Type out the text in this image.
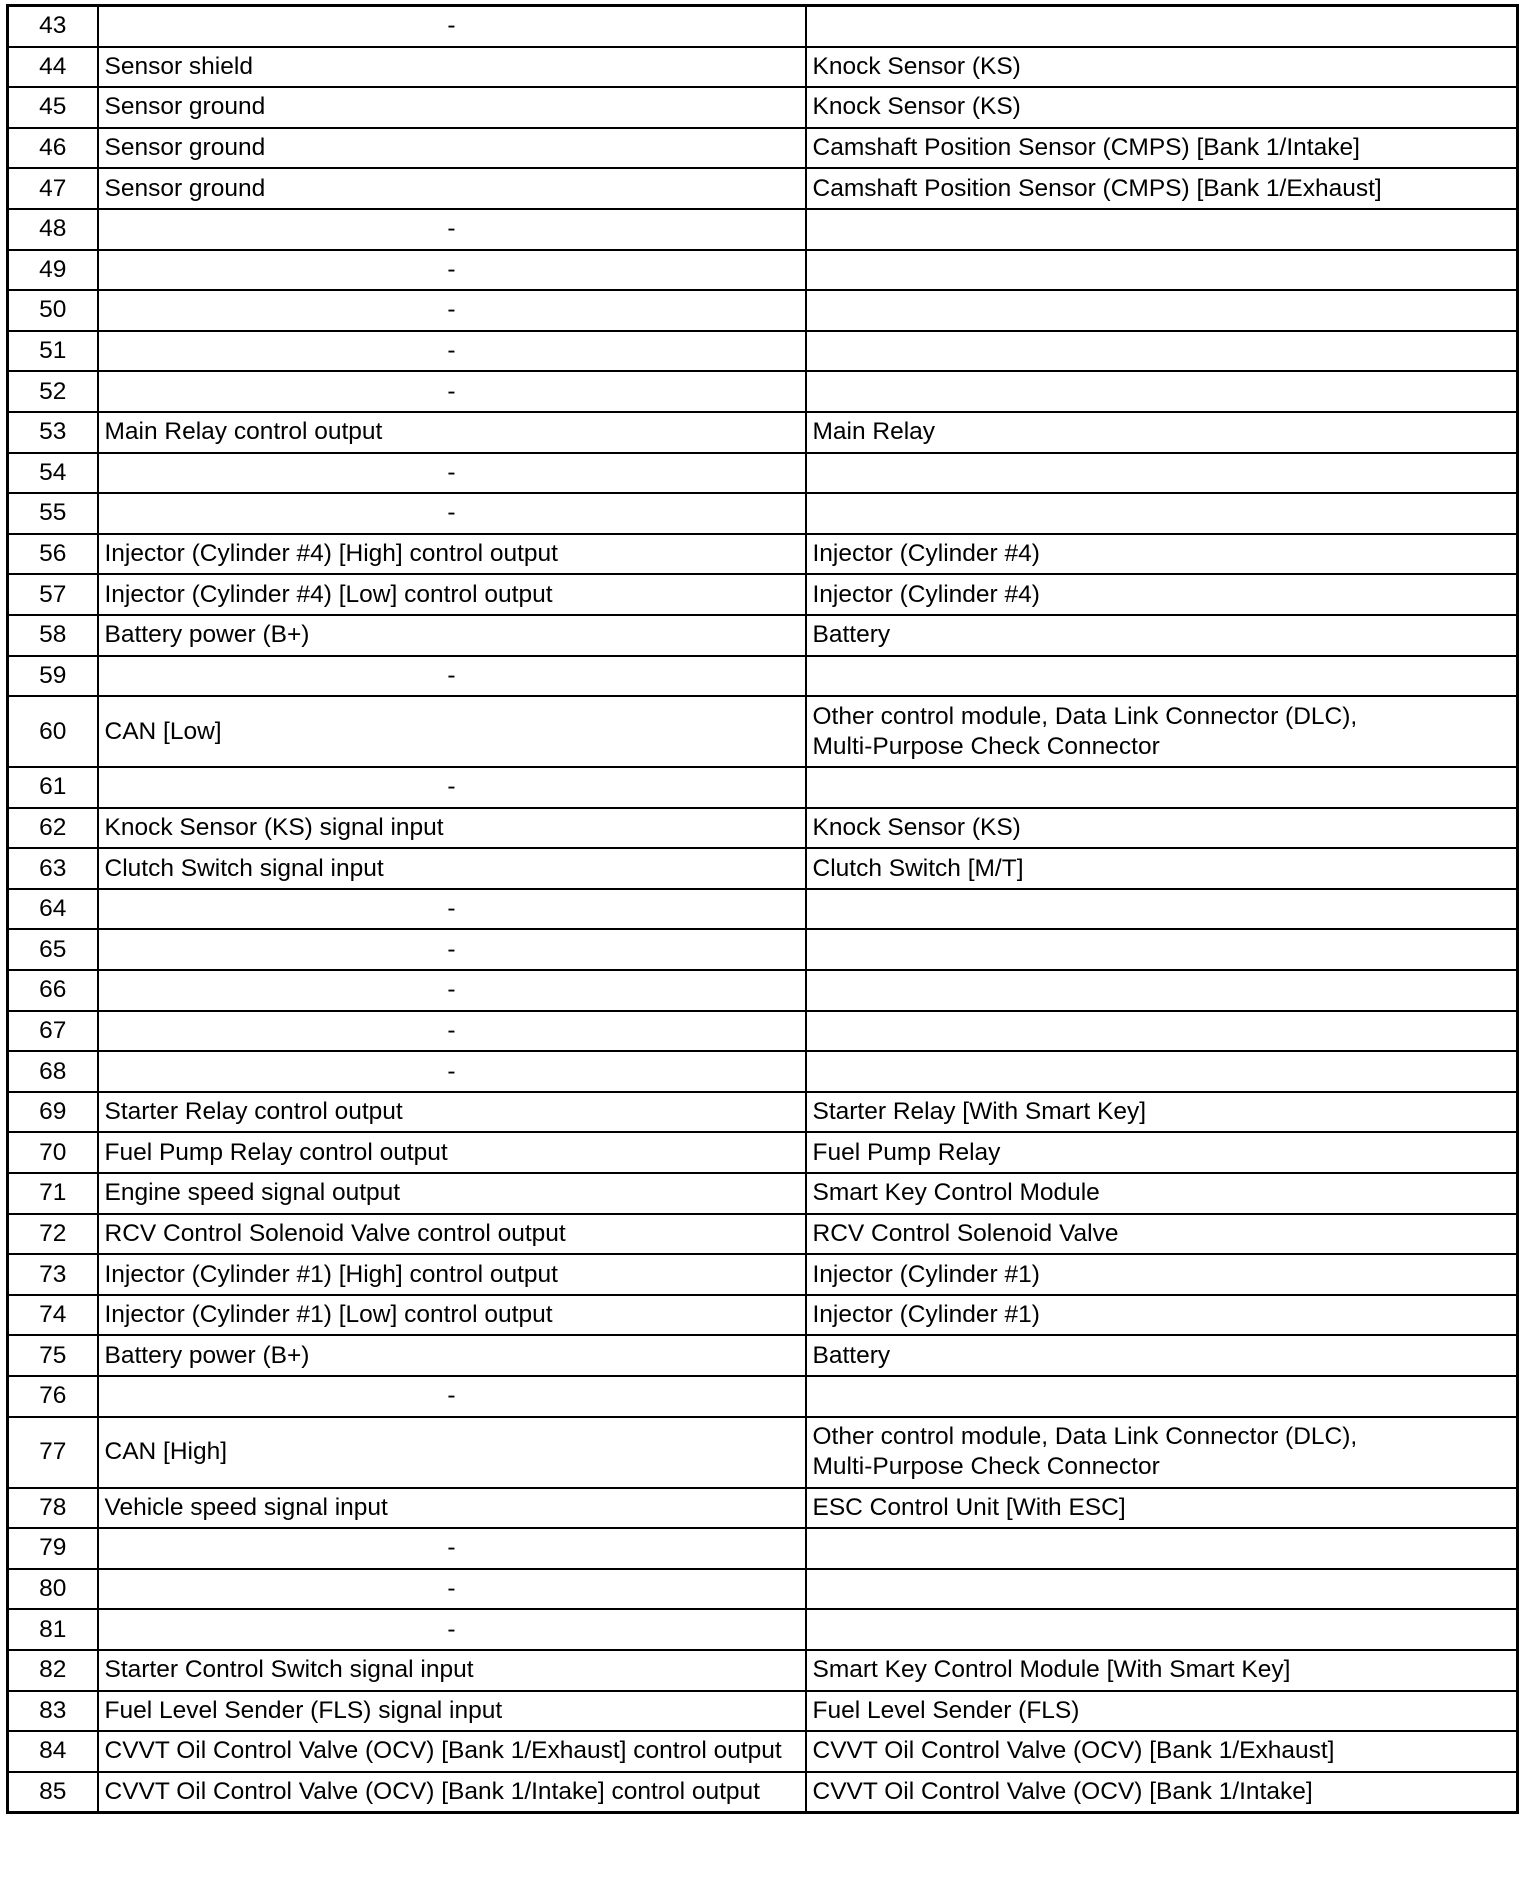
43	-	
44	Sensor shield	Knock Sensor (KS)

45	Sensor ground	Knock Sensor (KS)

46	Sensor ground	Camshaft Position Sensor (CMPS) [Bank 1/Intake]

47	Sensor ground	Camshaft Position Sensor (CMPS) [Bank 1/Exhaust]

48	-	
49	-	
50	-	
51	-	
52	-	
53	Main Relay control output	Main Relay

54	-	
55	-	
56	Injector (Cylinder #4) [High] control output	Injector (Cylinder #4)

57	Injector (Cylinder #4) [Low] control output	Injector (Cylinder #4)

58	Battery power (B+)	Battery

59	-	
60	CAN [Low]	Other control module, Data Link Connector (DLC),
Multi-Purpose Check Connector

61	-	
62	Knock Sensor (KS) signal input	Knock Sensor (KS)

63	Clutch Switch signal input	Clutch Switch [M/T]

64	-	
65	-	
66	-	
67	-	
68	-	
69	Starter Relay control output	Starter Relay [With Smart Key]

70	Fuel Pump Relay control output	Fuel Pump Relay

71	Engine speed signal output	Smart Key Control Module

72	RCV Control Solenoid Valve control output	RCV Control Solenoid Valve

73	Injector (Cylinder #1) [High] control output	Injector (Cylinder #1)

74	Injector (Cylinder #1) [Low] control output	Injector (Cylinder #1)

75	Battery power (B+)	Battery

76	-	
77	CAN [High]	Other control module, Data Link Connector (DLC),
Multi-Purpose Check Connector

78	Vehicle speed signal input	ESC Control Unit [With ESC]

79	-	
80	-	
81	-	
82	Starter Control Switch signal input	Smart Key Control Module [With Smart Key]

83	Fuel Level Sender (FLS) signal input	Fuel Level Sender (FLS)

84	CVVT Oil Control Valve (OCV) [Bank 1/Exhaust] control output	CVVT Oil Control Valve (OCV) [Bank 1/Exhaust]

85	CVVT Oil Control Valve (OCV) [Bank 1/Intake] control output	CVVT Oil Control Valve (OCV) [Bank 1/Intake]
